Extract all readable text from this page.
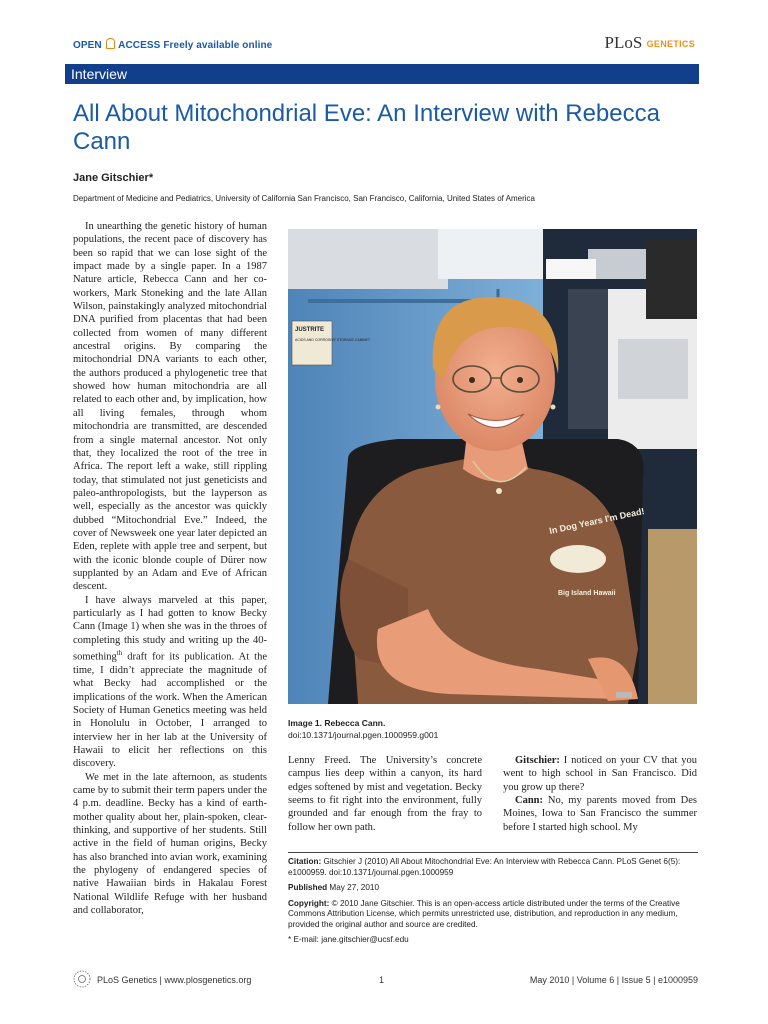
OPEN ACCESS Freely available online	PLoS GENETICS
Interview
All About Mitochondrial Eve: An Interview with Rebecca Cann
Jane Gitschier*
Department of Medicine and Pediatrics, University of California San Francisco, San Francisco, California, United States of America

In unearthing the genetic history of human populations, the recent pace of discovery has been so rapid that we can lose sight of the impact made by a single paper. In a 1987 Nature article, Rebecca Cann and her co-workers, Mark Stoneking and the late Allan Wilson, painstakingly analyzed mitochondrial DNA purified from placentas that had been collected from women of many different ancestral origins. By comparing the mitochondrial DNA variants to each other, the authors produced a phylogenetic tree that showed how human mitochondria are all related to each other and, by implication, how all living females, through whom mitochondria are transmitted, are descended from a single maternal ancestor. Not only that, they localized the root of the tree in Africa. The report left a wake, still rippling today, that stimulated not just geneticists and paleo-anthropologists, but the layperson as well, especially as the ancestor was quickly dubbed “Mitochondrial Eve.” Indeed, the cover of Newsweek one year later depicted an Eden, replete with apple tree and serpent, but with the iconic blonde couple of Dürer now supplanted by an Adam and Eve of African descent.

I have always marveled at this paper, particularly as I had gotten to know Becky Cann (Image 1) when she was in the throes of completing this study and writing up the 40-something$^{th}$ draft for its publication. At the time, I didn’t appreciate the magnitude of what Becky had accomplished or the implications of the work. When the American Society of Human Genetics meeting was held in Honolulu in October, I arranged to interview her in her lab at the University of Hawaii to elicit her reflections on this discovery.

We met in the late afternoon, as students came by to submit their term papers under the 4 p.m. deadline. Becky has a kind of earth-mother quality about her, plain-spoken, clear-thinking, and supportive of her students. Still active in the field of human origins, Becky has also branched into avian work, examining the phylogeny of endangered species of native Hawaiian birds in Hakalau Forest National Wildlife Refuge with her husband and collaborator,

JUSTRITE
ACIDS AND CORROSIVE STORAGE CABINET
In Dog Years I'm Dead!
Big Island Hawaii
Image 1. Rebecca Cann.
doi:10.1371/journal.pgen.1000959.g001

Lenny Freed. The University’s concrete campus lies deep within a canyon, its hard edges softened by mist and vegetation. Becky seems to fit right into the environment, fully grounded and far enough from the fray to follow her own path.

Gitschier: I noticed on your CV that you went to high school in San Francisco. Did you grow up there?

Cann: No, my parents moved from Des Moines, Iowa to San Francisco the summer before I started high school. My

Citation: Gitschier J (2010) All About Mitochondrial Eve: An Interview with Rebecca Cann. PLoS Genet 6(5): e1000959. doi:10.1371/journal.pgen.1000959

Published May 27, 2010

Copyright: © 2010 Jane Gitschier. This is an open-access article distributed under the terms of the Creative Commons Attribution License, which permits unrestricted use, distribution, and reproduction in any medium, provided the original author and source are credited.

* E-mail: jane.gitschier@ucsf.edu

PLoS Genetics | www.plosgenetics.org	1	May 2010 | Volume 6 | Issue 5 | e1000959
